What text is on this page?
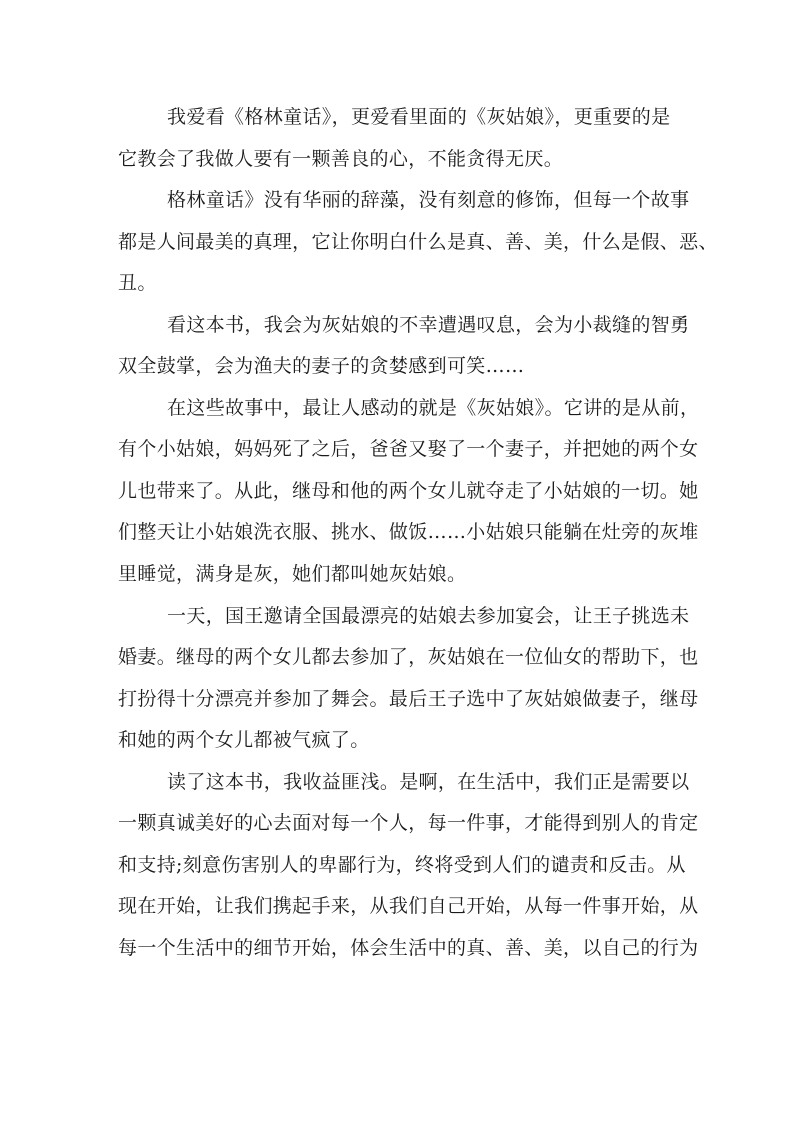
我爱看《格林童话》，更爱看里面的《灰姑娘》，更重要的是

它教会了我做人要有一颗善良的心，不能贪得无厌。

格林童话》没有华丽的辞藻，没有刻意的修饰，但每一个故事

都是人间最美的真理，它让你明白什么是真、善、美，什么是假、恶、

丑。

看这本书，我会为灰姑娘的不幸遭遇叹息，会为小裁缝的智勇

双全鼓掌，会为渔夫的妻子的贪婪感到可笑……

在这些故事中，最让人感动的就是《灰姑娘》。它讲的是从前，

有个小姑娘，妈妈死了之后，爸爸又娶了一个妻子，并把她的两个女

儿也带来了。从此，继母和他的两个女儿就夺走了小姑娘的一切。她

们整天让小姑娘洗衣服、挑水、做饭……小姑娘只能躺在灶旁的灰堆

里睡觉，满身是灰，她们都叫她灰姑娘。

一天，国王邀请全国最漂亮的姑娘去参加宴会，让王子挑选未

婚妻。继母的两个女儿都去参加了，灰姑娘在一位仙女的帮助下，也

打扮得十分漂亮并参加了舞会。最后王子选中了灰姑娘做妻子，继母

和她的两个女儿都被气疯了。

读了这本书，我收益匪浅。是啊，在生活中，我们正是需要以

一颗真诚美好的心去面对每一个人，每一件事，才能得到别人的肯定

和支持;刻意伤害别人的卑鄙行为，终将受到人们的谴责和反击。从

现在开始，让我们携起手来，从我们自己开始，从每一件事开始，从

每一个生活中的细节开始，体会生活中的真、善、美，以自己的行为
